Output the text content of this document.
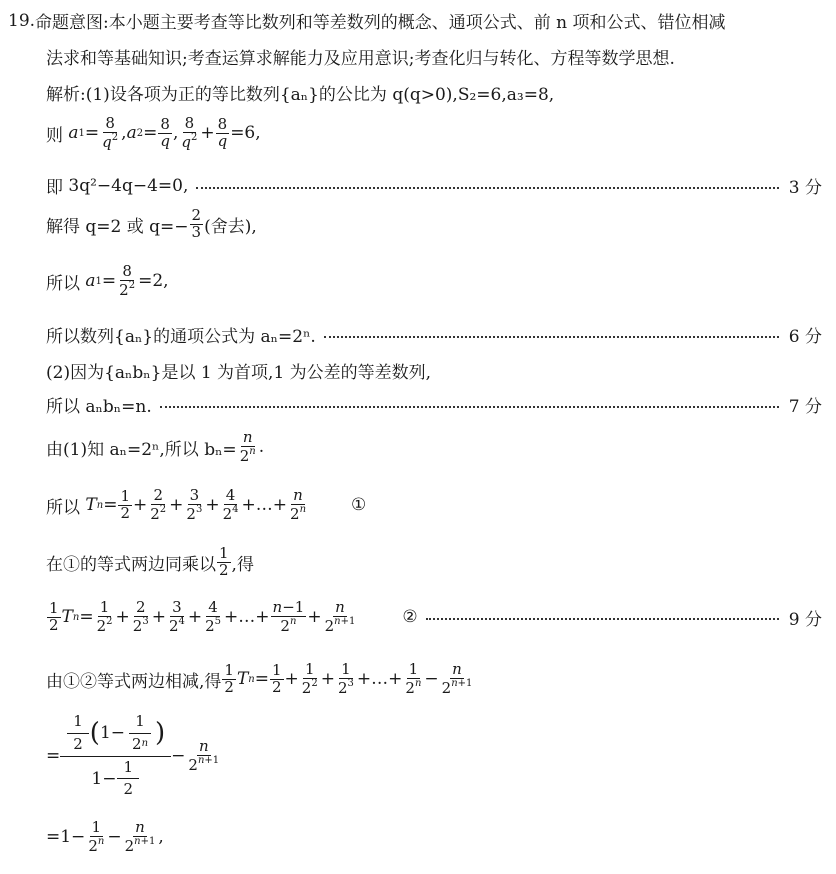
19. 命题意图:本小题主要考查等比数列和等差数列的概念、通项公式、前 n 项和公式、错位相减
法求和等基础知识;考查运算求解能力及应用意识;考查化归与转化、方程等数学思想.
解析: (1)设各项为正的等比数列{aₙ}的公比为 q(q>0),S₂=6,a₃=8,
则
a $1 = \frac{8}{q^2}$ , a $2 = \frac{8}{q}$ , $\frac{8}{q^2} + \frac{8}{q} =6$,
即
3q²−4q−4=0,	3 分
解得 q=2 或 $q=- \frac{2}{3}$ (舍去),
所以
a $1 = \frac{8}{2^2} =2$,
所以数列{aₙ}的通项公式为 aₙ=2ⁿ.	6 分
(2)因为{aₙbₙ}是以 1 为首项,1 为公差的等差数列,
所以 aₙbₙ=n.	7 分
由(1)知 aₙ=2ⁿ,所以 $b_n= \frac{n}{2^n}$ .
所以
T $n = \frac{1}{2} + \frac{2}{2^2} + \frac{3}{2^3} + \frac{4}{2^4}$ +…+ $\frac{n}{2^n}$	①
在①的等式两边同乘以 $\frac{1}{2}$ ,得
$\frac{1}{2}$ T $n = \frac{1}{2^2} + \frac{2}{2^3} + \frac{3}{2^4} + \frac{4}{2^5}$ +…+ $\frac{n-1}{2^n} + \frac{n}{2^{n+1}}$	②	9 分
由①②等式两边相减,得 $\frac{1}{2}$ T $n = \frac{1}{2} + \frac{1}{2^2} + \frac{1}{2^3}$ +…+ $\frac{1}{2^n} - \frac{n}{2^{n+1}}$
= $\frac{\frac{1}{2} ( 1- \frac{1}{2 n} )}{1- \frac{1}{2}} - \frac{n}{2^{n+1}}$
$=1- \frac{1}{2^n} - \frac{n}{2^{n+1}}$ ,
